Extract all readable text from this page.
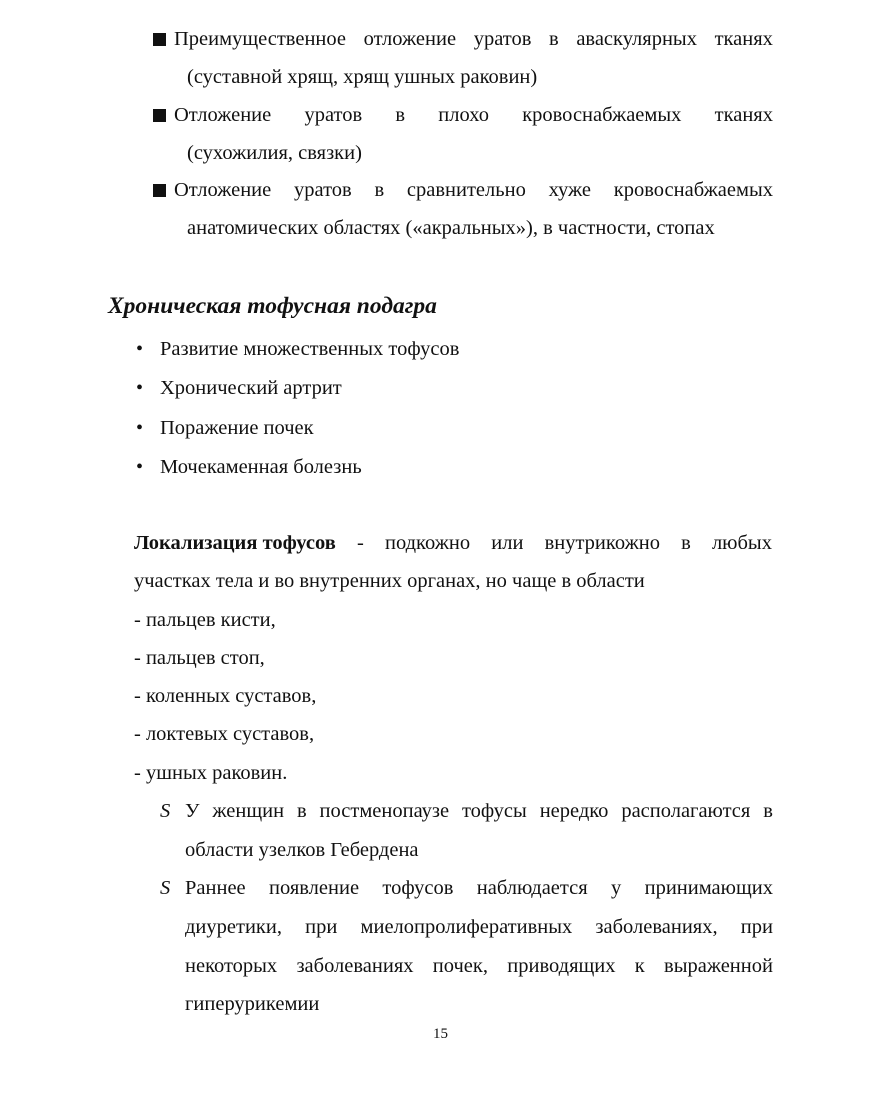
Преимущественное отложение уратов в аваскулярных тканях
(суставной хрящ, хрящ ушных раковин)
Отложение уратов в плохо кровоснабжаемых тканях
(сухожилия, связки)
Отложение уратов в сравнительно хуже кровоснабжаемых
анатомических областях («акральных»), в частности, стопах
Хроническая тофусная подагра
• Развитие множественных тофусов
• Хронический артрит
• Поражение почек
• Мочекаменная болезнь
Локализация тофусов - подкожно или внутрикожно в любых
участках тела и во внутренних органах, но чаще в области
- пальцев кисти,
- пальцев стоп,
- коленных суставов,
- локтевых суставов,
- ушных раковин.
S У женщин в постменопаузе тофусы нередко располагаются в
области узелков Гебердена
S Раннее появление тофусов наблюдается у принимающих
диуретики, при миелопролиферативных заболеваниях, при
некоторых заболеваниях почек, приводящих к выраженной
гиперурикемии
15
